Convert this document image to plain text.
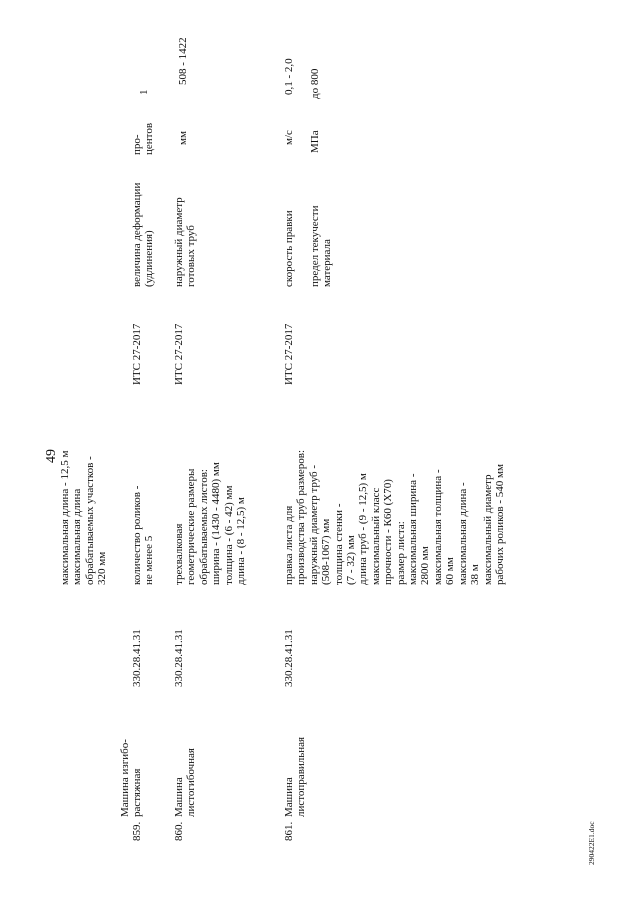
49 максимальная длина - 12,5 м максимальная длина обрабатываемых участков - 320 мм
859.
Машина изгибо- растяжная
330.28.41.31
количество роликов - не менее 5
ИТС 27-2017
величина деформации (удлинения)
про- центов
1
860.
Машина листогибочная
330.28.41.31
трехвалковая геометрические размеры обрабатываемых листов: ширина - (1430 - 4480) мм толщина - (6 - 42) мм длина - (8 - 12,5) м
ИТС 27-2017
наружный диаметр готовых труб
мм
508 - 1422
861.
Машина листоправильная
330.28.41.31
правка листа для производства труб размеров: наружный диаметр труб - (508-1067) мм толщина стенки - (7 - 32) мм длина труб - (9 - 12,5) м максимальный класс прочности - К60 (Х70) размер листа: максимальная ширина - 2800 мм максимальная толщина - 60 мм максимальная длина - 38 м максимальный диаметр рабочих роликов - 540 мм
ИТС 27-2017
скорость правки
м/с
0,1 - 2,0
предел текучести материала
МПа
до 800
290422E1.doc
